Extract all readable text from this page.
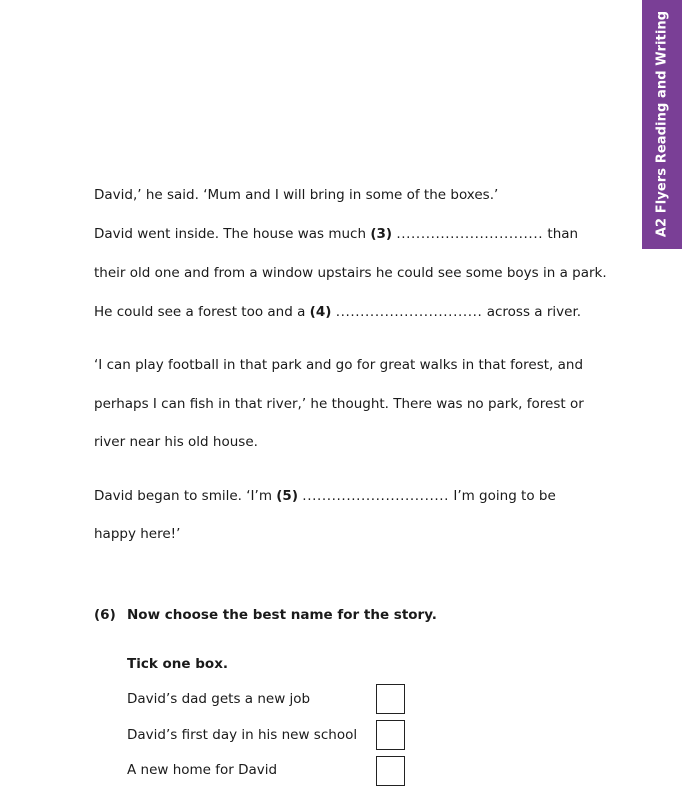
A2 Flyers Reading and Writing
David,’ he said. ‘Mum and I will bring in some of the boxes.’
David went inside. The house was much (3) .............................. than
their old one and from a window upstairs he could see some boys in a park.
He could see a forest too and a (4) .............................. across a river.
‘I can play football in that park and go for great walks in that forest, and
perhaps I can fish in that river,’ he thought. There was no park, forest or
river near his old house.
David began to smile. ‘I’m (5) .............................. I’m going to be
happy here!’
(6) Now choose the best name for the story.
Tick one box.
David’s dad gets a new job
David’s first day in his new school
A new home for David
